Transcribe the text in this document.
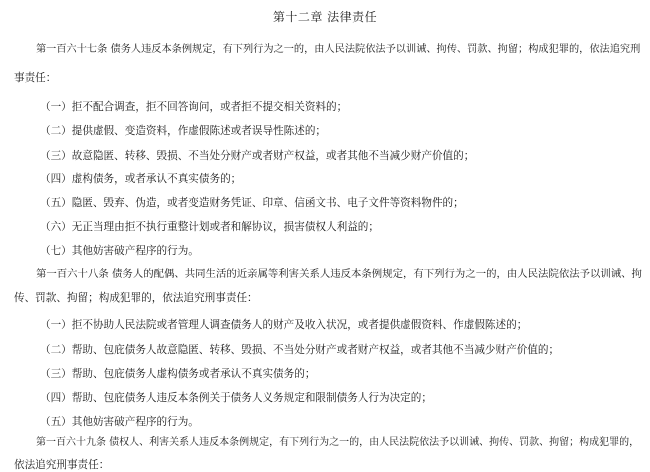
第十二章 法律责任

第一百六十七条 债务人违反本条例规定，有下列行为之一的，由人民法院依法予以训诫、拘传、罚款、拘留；构成犯罪的，依法追究刑

事责任：

（一）拒不配合调查，拒不回答询问，或者拒不提交相关资料的；

（二）提供虚假、变造资料，作虚假陈述或者误导性陈述的；

（三）故意隐匿、转移、毁损、不当处分财产或者财产权益，或者其他不当减少财产价值的；

（四）虚构债务，或者承认不真实债务的；

（五）隐匿、毁弃、伪造，或者变造财务凭证、印章、信函文书、电子文件等资料物件的；

（六）无正当理由拒不执行重整计划或者和解协议，损害债权人利益的；

（七）其他妨害破产程序的行为。

第一百六十八条 债务人的配偶、共同生活的近亲属等利害关系人违反本条例规定，有下列行为之一的，由人民法院依法予以训诫、拘

传、罚款、拘留；构成犯罪的，依法追究刑事责任：

（一）拒不协助人民法院或者管理人调查债务人的财产及收入状况，或者提供虚假资料、作虚假陈述的；

（二）帮助、包庇债务人故意隐匿、转移、毁损、不当处分财产或者财产权益，或者其他不当减少财产价值的；

（三）帮助、包庇债务人虚构债务或者承认不真实债务的；

（四）帮助、包庇债务人违反本条例关于债务人义务规定和限制债务人行为决定的；

（五）其他妨害破产程序的行为。

第一百六十九条 债权人、利害关系人违反本条例规定，有下列行为之一的，由人民法院依法予以训诫、拘传、罚款、拘留；构成犯罪的，

依法追究刑事责任：
